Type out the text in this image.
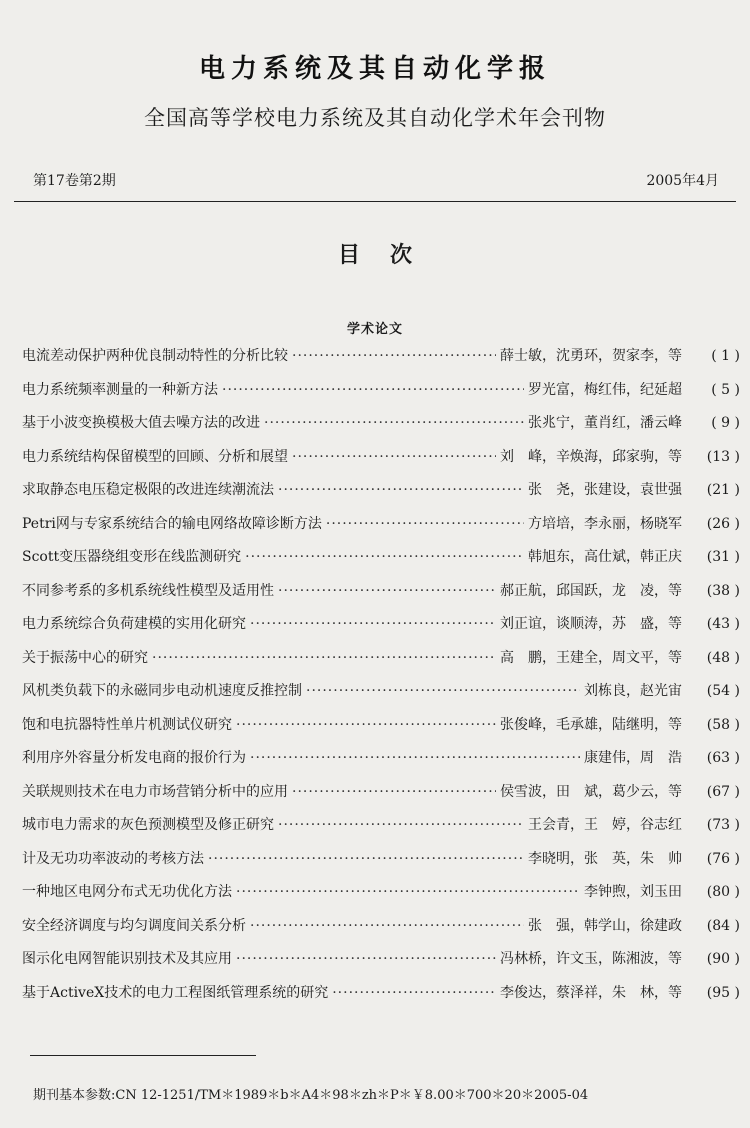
电力系统及其自动化学报
全国高等学校电力系统及其自动化学术年会刊物
第17卷第2期	2005年4月
目次
学术论文
电流差动保护两种优良制动特性的分析比较 ·····	薛士敏，沈勇环，贺家李，等	( 1 )
电力系统频率测量的一种新方法 ·····	罗光富，梅红伟，纪延超	( 5 )
基于小波变换模极大值去噪方法的改进 ·····	张兆宁，董肖红，潘云峰	( 9 )
电力系统结构保留模型的回顾、分析和展望 ·····	刘　峰，辛焕海，邱家驹，等	(13 )
求取静态电压稳定极限的改进连续潮流法 ·····	张　尧，张建设，袁世强	(21 )
Petri网与专家系统结合的输电网络故障诊断方法 ·····	方培培，李永丽，杨晓军	(26 )
Scott变压器绕组变形在线监测研究 ·····	韩旭东，高仕斌，韩正庆	(31 )
不同参考系的多机系统线性模型及适用性 ·····	郝正航，邱国跃，龙　凌，等	(38 )
电力系统综合负荷建模的实用化研究 ·····	刘正谊，谈顺涛，苏　盛，等	(43 )
关于振荡中心的研究 ·····	高　鹏，王建全，周文平，等	(48 )
风机类负载下的永磁同步电动机速度反推控制 ·····	刘栋良，赵光宙	(54 )
饱和电抗器特性单片机测试仪研究 ·····	张俊峰，毛承雄，陆继明，等	(58 )
利用序外容量分析发电商的报价行为 ·····	康建伟，周　浩	(63 )
关联规则技术在电力市场营销分析中的应用 ·····	侯雪波，田　斌，葛少云，等	(67 )
城市电力需求的灰色预测模型及修正研究 ·····	王会青，王　婷，谷志红	(73 )
计及无功功率波动的考核方法 ·····	李晓明，张　英，朱　帅	(76 )
一种地区电网分布式无功优化方法 ·····	李钟煦，刘玉田	(80 )
安全经济调度与均匀调度间关系分析 ·····	张　强，韩学山，徐建政	(84 )
图示化电网智能识别技术及其应用 ·····	冯林桥，许文玉，陈湘波，等	(90 )
基于ActiveX技术的电力工程图纸管理系统的研究 ·····	李俊达，蔡泽祥，朱　林，等	(95 )
期刊基本参数:CN 12-1251/TM＊1989＊b＊A4＊98＊zh＊P＊￥8.00＊700＊20＊2005-04
